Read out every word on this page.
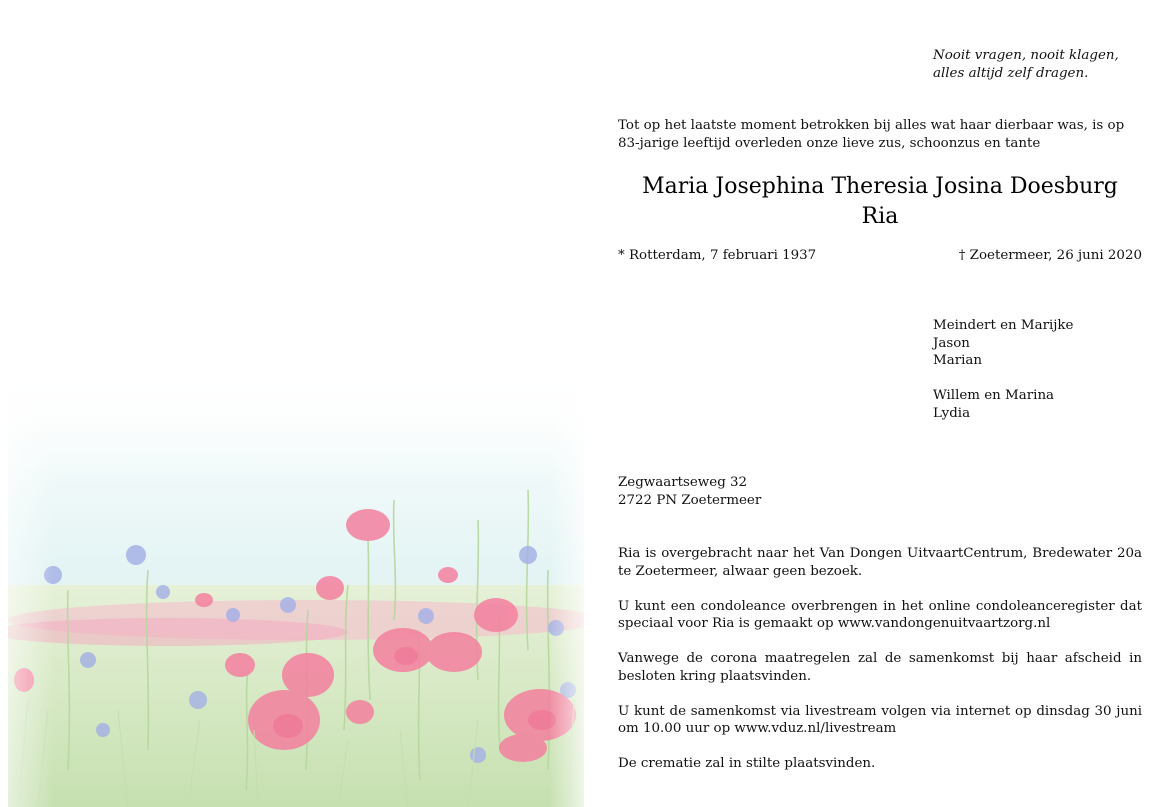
Nooit vragen, nooit klagen,
alles altijd zelf dragen.

Tot op het laatste moment betrokken bij alles wat haar dierbaar was, is op 83-jarige leeftijd overleden onze lieve zus, schoonzus en tante

Maria Josephina Theresia Josina Doesburg
Ria
* Rotterdam, 7 februari 1937	† Zoetermeer, 26 juni 2020
Meindert en Marijke
Jason
Marian
Willem en Marina
Lydia
Zegwaartseweg 32
2722 PN Zoetermeer

Ria is overgebracht naar het Van Dongen UitvaartCentrum, Bredewater 20a te Zoetermeer, alwaar geen bezoek.

U kunt een condoleance overbrengen in het online condoleanceregister dat speciaal voor Ria is gemaakt op www.vandongenuitvaartzorg.nl

Vanwege de corona maatregelen zal de samenkomst bij haar afscheid in besloten kring plaatsvinden.

U kunt de samenkomst via livestream volgen via internet op dinsdag 30 juni om 10.00 uur op www.vduz.nl/livestream

De crematie zal in stilte plaatsvinden.
